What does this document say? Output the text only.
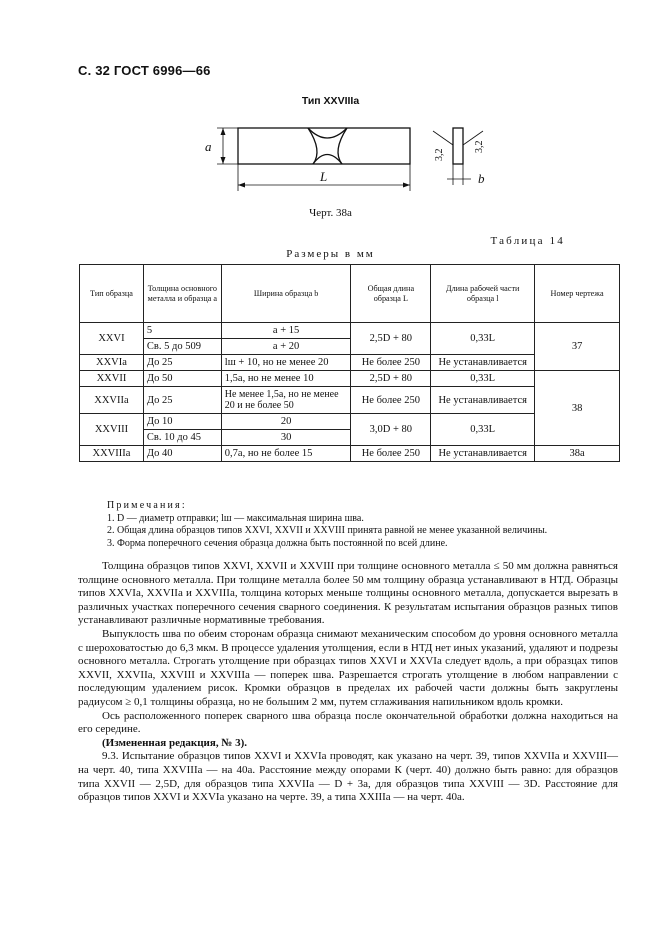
С. 32 ГОСТ 6996—66
Тип XXVIIIа
a
L	b
3,2
3,2
Черт. 38а
Таблица 14
Размеры в мм
Тип образца	Толщина основного металла и образца a	Ширина образца b	Общая длина образца L	Длина рабочей части образца l	Номер чертежа
XXVI	5	a + 15	2,5D + 80	0,33L	37
	Св. 5 до 509	a + 20			
XXVIа	До 25	lш + 10, но не менее 20	Не более 250	Не устанавливается	
XXVII	До 50	1,5a, но не менее 10	2,5D + 80	0,33L	38
XXVIIа	До 25	Не менее 1,5a, но не менее 20 и не более 50	Не более 250	Не устанавливается	
XXVIII	До 10	20	3,0D + 80	0,33L	
	Св. 10 до 45	30			
XXVIIIа	До 40	0,7a, но не более 15	Не более 250	Не устанавливается	38а
Примечания:
1. D — диаметр отправки; lш — максимальная ширина шва.
2. Общая длина образцов типов XXVI, XXVII и XXVIII принята равной не менее указанной величины.
3. Форма поперечного сечения образца должна быть постоянной по всей длине.

Толщина образцов типов XXVI, XXVII и XXVIII при толщине основного металла ≤ 50 мм должна равняться толщине основного металла. При толщине металла более 50 мм толщину образца устанавливают в НТД. Образцы типов XXVIа, XXVIIа и XXVIIIа, толщина которых меньше толщины основного металла, допускается вырезать в различных участках поперечного сечения сварного соединения. К результатам испытания образцов разных типов устанавливают различные нормативные требования.

Выпуклость шва по обеим сторонам образца снимают механическим способом до уровня основного металла с шероховатостью до 6,3 мкм. В процессе удаления утолщения, если в НТД нет иных указаний, удаляют и подрезы основного металла. Строгать утолщение при образцах типов XXVI и XXVIа следует вдоль, а при образцах типов XXVII, XXVIIа, XXVIII и XXVIIIа — поперек шва. Разрешается строгать утолщение в любом направлении с последующим удалением рисок. Кромки образцов в пределах их рабочей части должны быть закруглены радиусом ≥ 0,1 толщины образца, но не большим 2 мм, путем сглаживания напильником вдоль кромки.

Ось расположенного поперек сварного шва образца после окончательной обработки должна находиться на его середине.

(Измененная редакция, № 3).

9.3. Испытание образцов типов XXVI и XXVIа проводят, как указано на черт. 39, типов XXVIIа и XXVIII— на черт. 40, типа XXVIIIа — на 40а. Расстояние между опорами К (черт. 40) должно быть равно: для образцов типа XXVII — 2,5D, для образцов типа XXVIIа — D + 3a, для образцов типа XXVIII — 3D. Расстояние для образцов типов XXVI и XXVIа указано на черте. 39, а типа XXIIIа — на черт. 40а.
